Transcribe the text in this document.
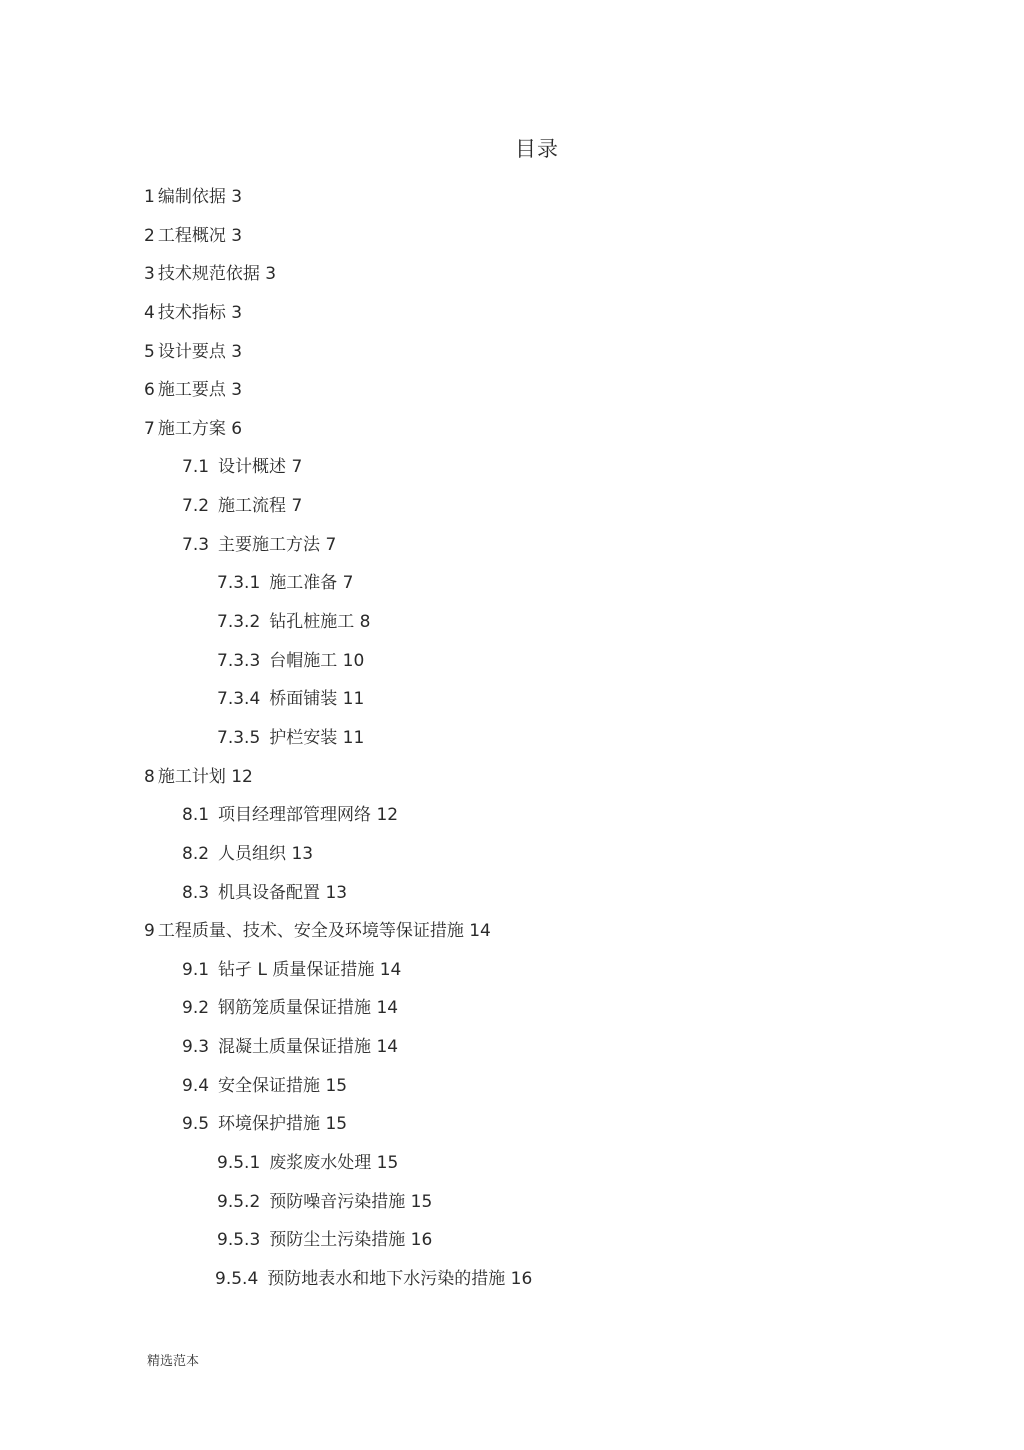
目录
1 编制依据 3
2 工程概况 3
3 技术规范依据 3
4 技术指标 3
5 设计要点 3
6 施工要点 3
7 施工方案 6
7.1 设计概述 7
7.2 施工流程 7
7.3 主要施工方法 7
7.3.1 施工准备 7
7.3.2 钻孔桩施工 8
7.3.3 台帽施工 10
7.3.4 桥面铺装 11
7.3.5 护栏安装 11
8 施工计划 12
8.1 项目经理部管理网络 12
8.2 人员组织 13
8.3 机具设备配置 13
9 工程质量、技术、安全及环境等保证措施 14
9.1 钻孑 L 质量保证措施 14
9.2 钢筋笼质量保证措施 14
9.3 混凝土质量保证措施 14
9.4 安全保证措施 15
9.5 环境保护措施 15
9.5.1 废浆废水处理 15
9.5.2 预防噪音污染措施 15
9.5.3 预防尘土污染措施 16
9.5.4 预防地表水和地下水污染的措施 16
精选范本
